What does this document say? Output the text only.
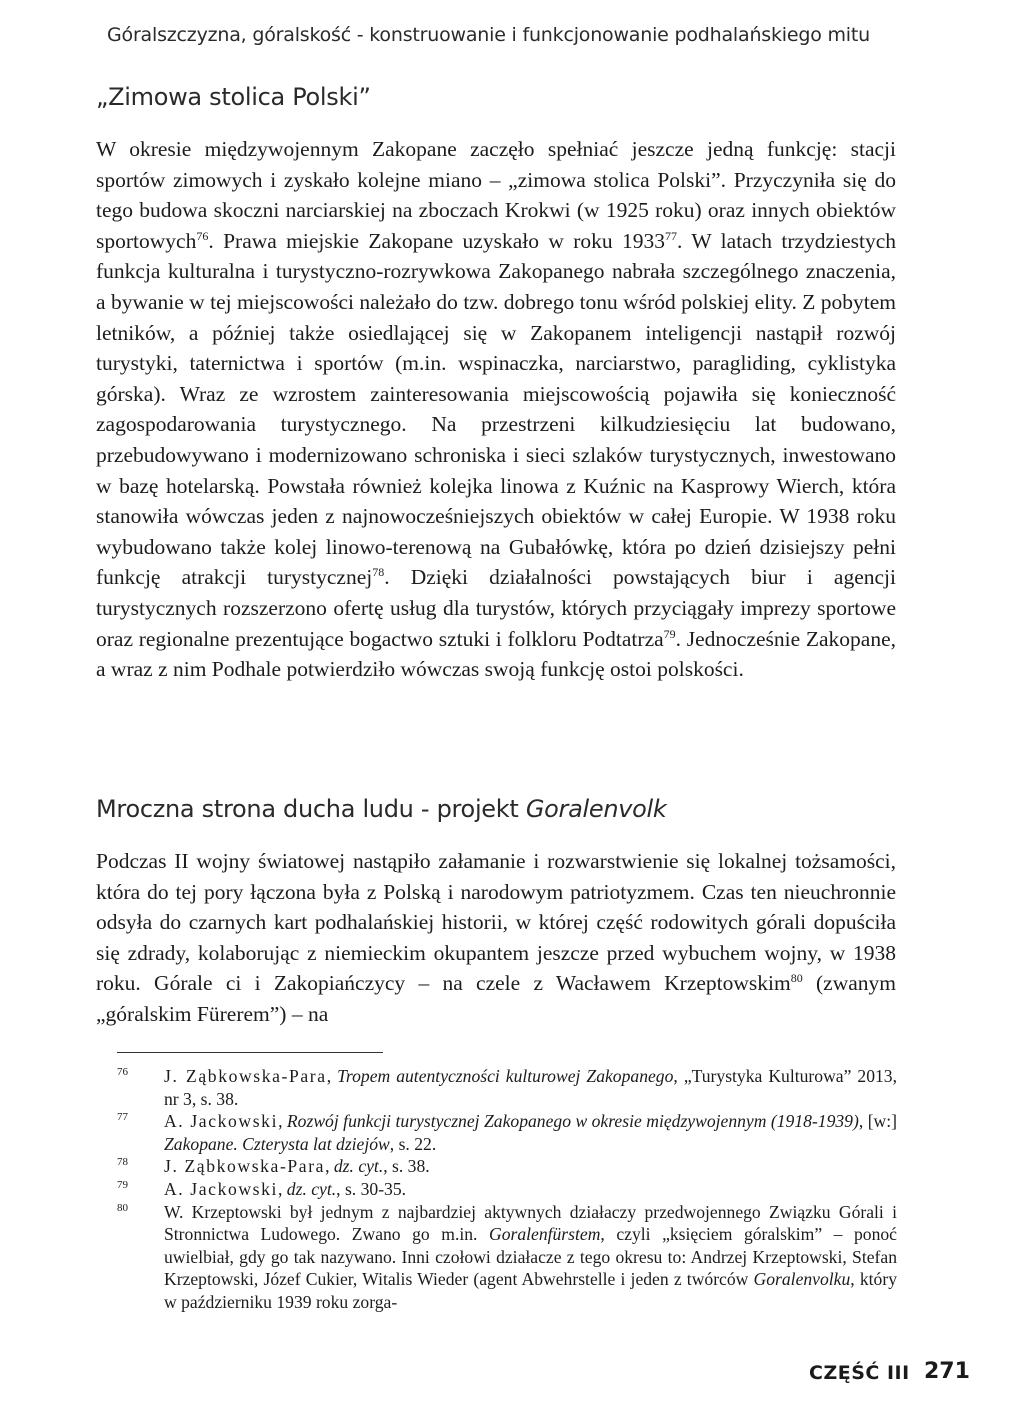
Góralszczyzna, góralskość - konstruowanie i funkcjonowanie podhalańskiego mitu
„Zimowa stolica Polski”

W okresie międzywojennym Zakopane zaczęło spełniać jeszcze jedną funkcję: stacji sportów zimowych i zyskało kolejne miano – „zimowa stolica Polski”. Przyczyniła się do tego budowa skoczni narciarskiej na zboczach Krokwi (w 1925 roku) oraz innych obiektów sportowych$^{76}$. Prawa miejskie Zakopane uzyskało w roku 1933$^{77}$. W latach trzydziestych funkcja kulturalna i turystyczno-rozrywkowa Zakopanego nabrała szczególnego znaczenia, a bywanie w tej miejscowości należało do tzw. dobrego tonu wśród polskiej elity. Z pobytem letników, a później także osiedlającej się w Zakopanem inteligencji nastąpił rozwój turystyki, taternictwa i sportów (m.in. wspinaczka, narciarstwo, paragliding, cyklistyka górska). Wraz ze wzrostem zainteresowania miejscowością pojawiła się konieczność zagospodarowania turystycznego. Na przestrzeni kilkudziesięciu lat budowano, przebudowywano i modernizowano schroniska i sieci szlaków turystycznych, inwestowano w bazę hotelarską. Powstała również kolejka linowa z Kuźnic na Kasprowy Wierch, która stanowiła wówczas jeden z najnowocześniejszych obiektów w całej Europie. W 1938 roku wybudowano także kolej linowo-terenową na Gubałówkę, która po dzień dzisiejszy pełni funkcję atrakcji turystycznej$^{78}$. Dzięki działalności powstających biur i agencji turystycznych rozszerzono ofertę usług dla turystów, których przyciągały imprezy sportowe oraz regionalne prezentujące bogactwo sztuki i folkloru Podtatrza$^{79}$. Jednocześnie Zakopane, a wraz z nim Podhale potwierdziło wówczas swoją funkcję ostoi polskości.

Mroczna strona ducha ludu - projekt Goralenvolk

Podczas II wojny światowej nastąpiło załamanie i rozwarstwienie się lokalnej tożsamości, która do tej pory łączona była z Polską i narodowym patriotyzmem. Czas ten nieuchronnie odsyła do czarnych kart podhalańskiej historii, w której część rodowitych górali dopuściła się zdrady, kolaborując z niemieckim okupantem jeszcze przed wybuchem wojny, w 1938 roku. Górale ci i Zakopiańczycy – na czele z Wacławem Krzeptowskim$^{80}$ (zwanym „góralskim Fürerem”) – na

76 J. Ząbkowska-Para, Tropem autentyczności kulturowej Zakopanego, „Turystyka Kulturowa” 2013, nr 3, s. 38.
77 A. Jackowski, Rozwój funkcji turystycznej Zakopanego w okresie międzywojennym (1918-1939), [w:] Zakopane. Czterysta lat dziejów, s. 22.
78 J. Ząbkowska-Para, dz. cyt., s. 38.
79 A. Jackowski, dz. cyt., s. 30-35.
80 W. Krzeptowski był jednym z najbardziej aktywnych działaczy przedwojennego Związku Górali i Stronnictwa Ludowego. Zwano go m.in. Goralenfürstem, czyli „księciem góralskim” – ponoć uwielbiał, gdy go tak nazywano. Inni czołowi działacze z tego okresu to: Andrzej Krzeptowski, Stefan Krzeptowski, Józef Cukier, Witalis Wieder (agent Abwehrstelle i jeden z twórców Goralenvolku, który w październiku 1939 roku zorga-
CZĘŚĆ III 271
